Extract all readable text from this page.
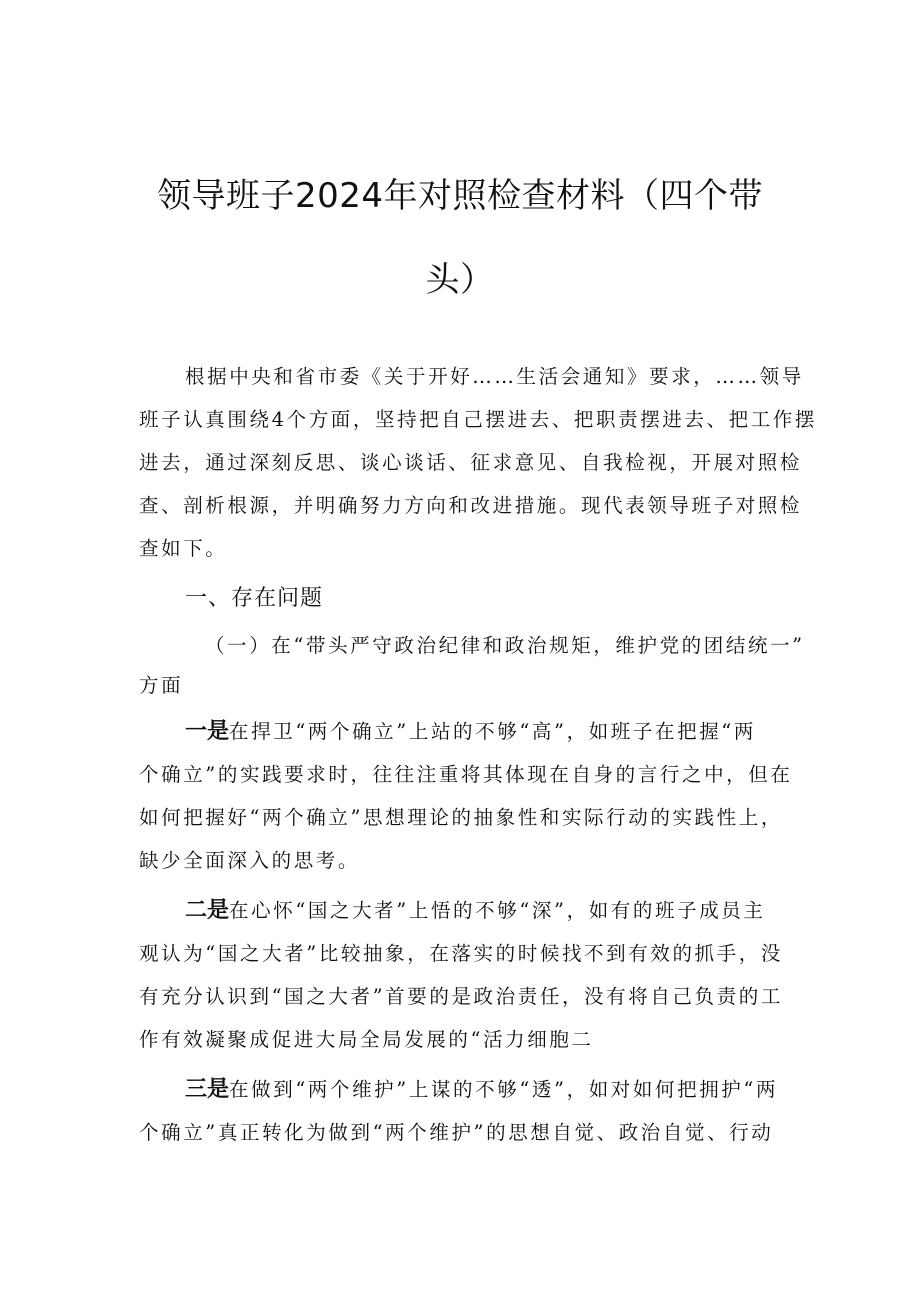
领导班子2024年对照检查材料（四个带
头）
根据中央和省市委《关于开好……生活会通知》要求，……领导
班子认真围绕4个方面，坚持把自己摆进去、把职责摆进去、把工作摆
进去，通过深刻反思、谈心谈话、征求意见、自我检视，开展对照检
查、剖析根源，并明确努力方向和改进措施。现代表领导班子对照检
查如下。
一、存在问题
（一）在“带头严守政治纪律和政治规矩，维护党的团结统一”
方面
一是在捍卫“两个确立”上站的不够“高”，如班子在把握“两
个确立”的实践要求时，往往注重将其体现在自身的言行之中，但在
如何把握好“两个确立”思想理论的抽象性和实际行动的实践性上，
缺少全面深入的思考。
二是在心怀“国之大者”上悟的不够“深”，如有的班子成员主
观认为“国之大者”比较抽象，在落实的时候找不到有效的抓手，没
有充分认识到“国之大者”首要的是政治责任，没有将自己负责的工
作有效凝聚成促进大局全局发展的“活力细胞二
三是在做到“两个维护”上谋的不够“透”，如对如何把拥护“两
个确立”真正转化为做到“两个维护”的思想自觉、政治自觉、行动
